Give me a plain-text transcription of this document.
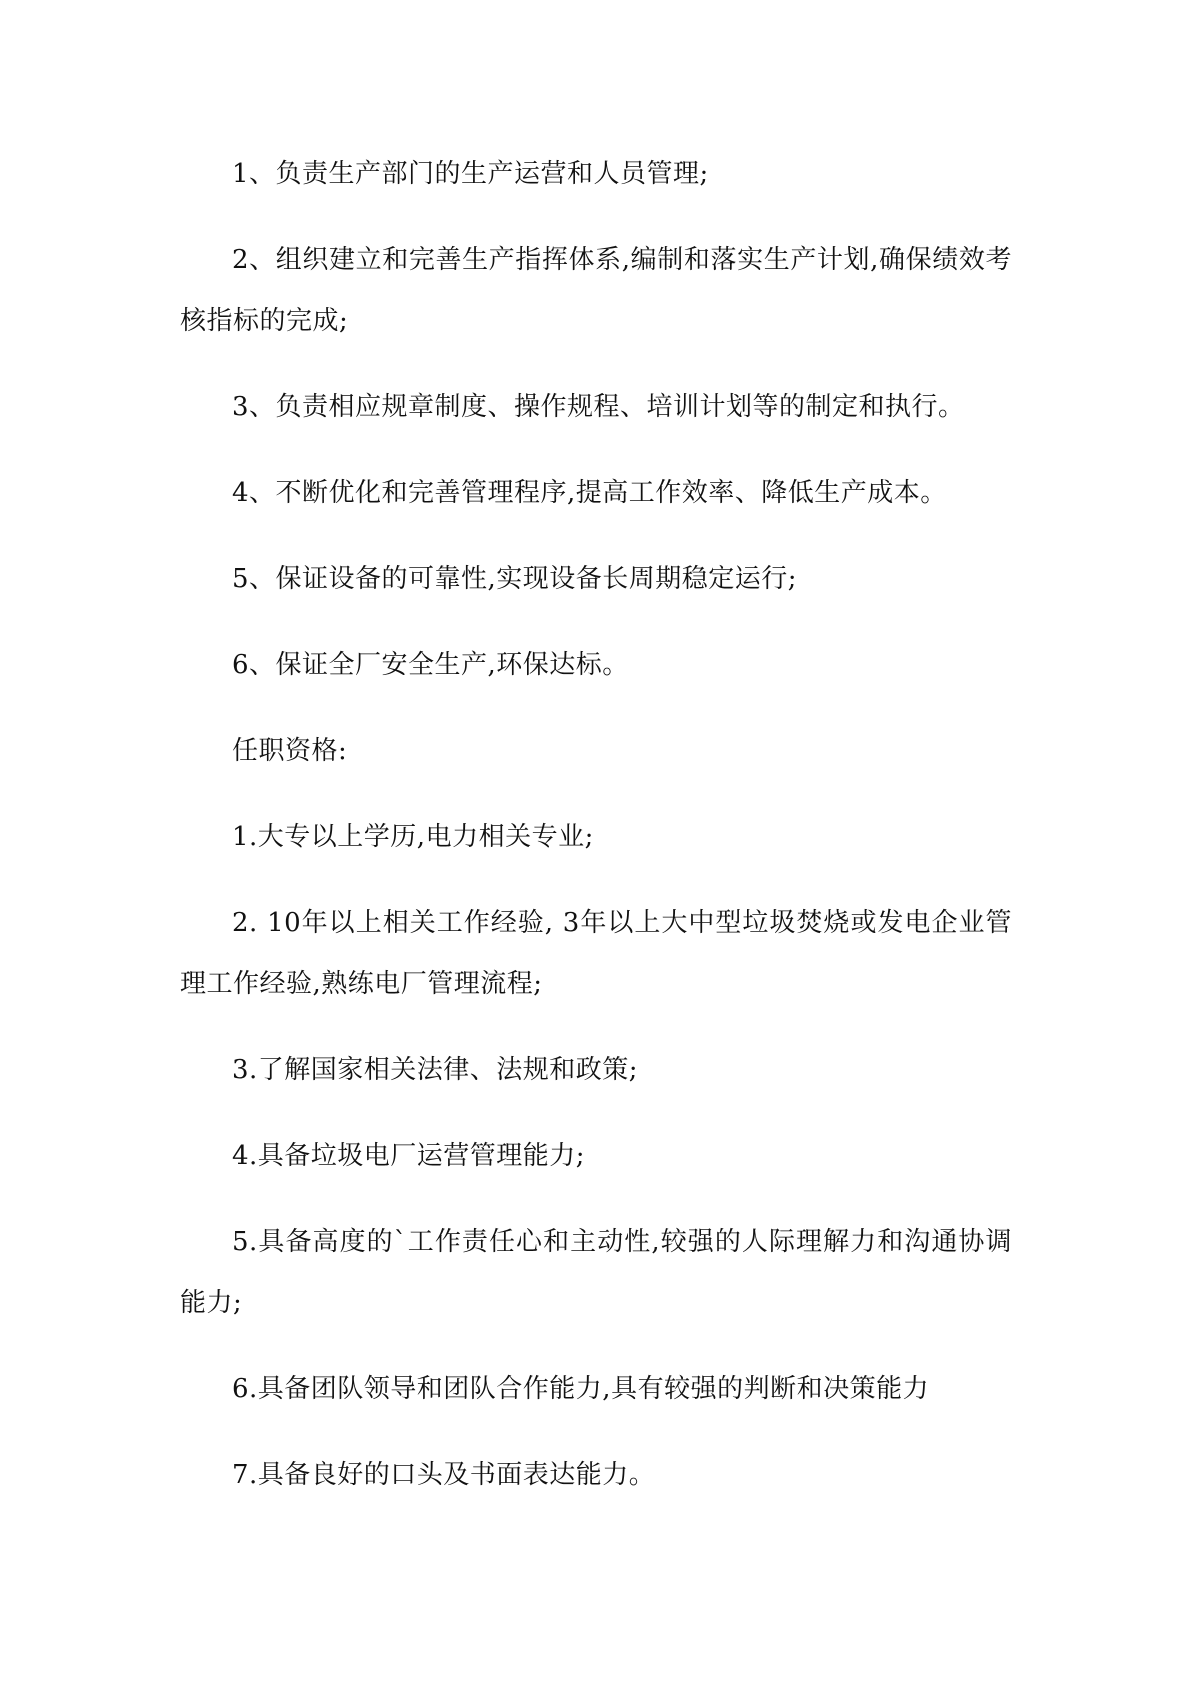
1、负责生产部门的生产运营和人员管理;

2、组织建立和完善生产指挥体系,编制和落实生产计划,确保绩效考核指标的完成;

3、负责相应规章制度、操作规程、培训计划等的制定和执行。

4、不断优化和完善管理程序,提高工作效率、降低生产成本。

5、保证设备的可靠性,实现设备长周期稳定运行;

6、保证全厂安全生产,环保达标。

任职资格:

1.大专以上学历,电力相关专业;

2. 10年以上相关工作经验, 3年以上大中型垃圾焚烧或发电企业管理工作经验,熟练电厂管理流程;

3.了解国家相关法律、法规和政策;

4.具备垃圾电厂运营管理能力;

5.具备高度的`工作责任心和主动性,较强的人际理解力和沟通协调能力;

6.具备团队领导和团队合作能力,具有较强的判断和决策能力

7.具备良好的口头及书面表达能力。
